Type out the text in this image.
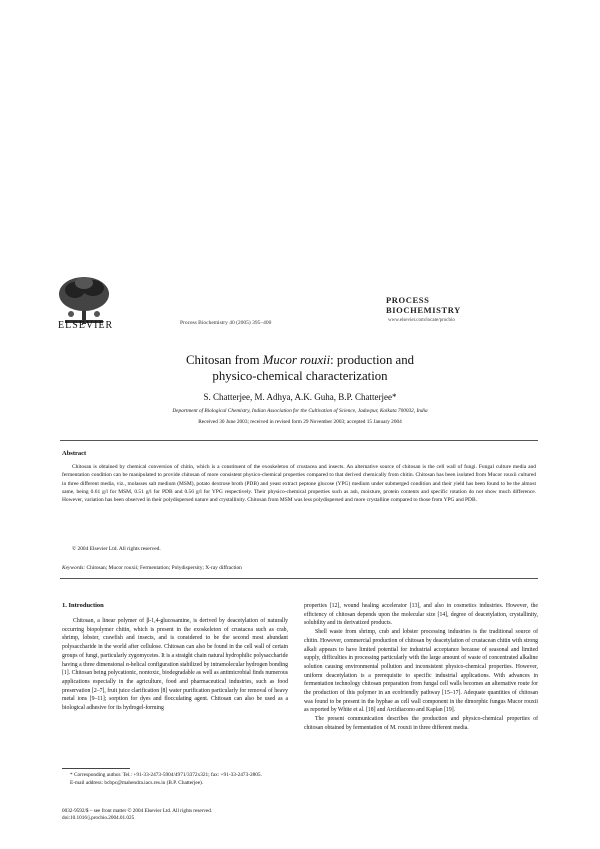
ELSEVIER	Process Biochemistry 40 (2005) 395–400
PROCESS
BIOCHEMISTRY
www.elsevier.com/locate/procbio
Chitosan from Mucor rouxii: production and
physico-chemical characterization
S. Chatterjee, M. Adhya, A.K. Guha, B.P. Chatterjee*
Department of Biological Chemistry, Indian Association for the Cultivation of Science, Jadavpur, Kolkata 700032, India
Received 30 June 2003; received in revised form 29 November 2003; accepted 15 January 2004
Abstract
Chitosan is obtained by chemical conversion of chitin, which is a constituent of the exoskeleton of crustacea and insects. An alternative source of chitosan is the cell wall of fungi. Fungal culture media and fermentation condition can be manipulated to provide chitosan of more consistent physico-chemical properties compared to that derived chemically from chitin. Chitosan has been isolated from Mucor rouxii cultured in three different media, viz., molasses salt medium (MSM), potato dextrose broth (PDB) and yeast extract peptone glucose (YPG) medium under submerged condition and their yield has been found to be the almost same, being 0.61 g/l for MSM, 0.51 g/l for PDB and 0.56 g/l for YPG respectively. Their physico-chemical properties such as ash, moisture, protein contents and specific rotation do not show much difference. However, variation has been observed in their polydispersed nature and crystallinity. Chitosan from MSM was less polydispersed and more crystalline compared to those from YPG and PDB.
© 2004 Elsevier Ltd. All rights reserved.
Keywords: Chitosan; Mucor rouxii; Fermentation; Polydispersity; X-ray diffraction
1. Introduction

Chitosan, a linear polymer of β-1,4-glucosamine, is derived by deacetylation of naturally occurring biopolymer chitin, which is present in the exoskeleton of crustacea such as crab, shrimp, lobster, crawfish and insects, and is considered to be the second most abundant polysaccharide in the world after cellulose. Chitosan can also be found in the cell wall of certain groups of fungi, particularly zygomycetes. It is a straight chain natural hydrophilic polysaccharide having a three dimensional α-helical configuration stabilized by intramolecular hydrogen bonding [1]. Chitosan being polycationic, nontoxic, biodegradable as well as antimicrobial finds numerous applications especially in the agriculture, food and pharmaceutical industries, such as food preservation [2–7], fruit juice clarification [8] water purification particularly for removal of heavy metal ions [9–11]; sorption for dyes and flocculating agent. Chitosan can also be used as a biological adhesive for its hydrogel-forming

properties [12], wound healing accelerator [13], and also in cosmetics industries. However, the efficiency of chitosan depends upon the molecular size [14], degree of deacetylation, crystallinity, solubility and its derivatized products.

Shell waste from shrimp, crab and lobster processing industries is the traditional source of chitin. However, commercial production of chitosan by deacetylation of crustacean chitin with strong alkali appears to have limited potential for industrial acceptance because of seasonal and limited supply, difficulties in processing particularly with the large amount of waste of concentrated alkaline solution causing environmental pollution and inconsistent physico-chemical properties. However, uniform deacetylation is a prerequisite to specific industrial applications. With advances in fermentation technology chitosan preparation from fungal cell walls becomes an alternative route for the production of this polymer in an ecofriendly pathway [15–17]. Adequate quantities of chitosan was found to be present in the hyphae as cell wall component in the dimorphic fungus Mucor rouxii as reported by White et al. [18] and Arcidiacono and Kaplan [19].

The present communication describes the production and physico-chemical properties of chitosan obtained by fermentation of M. rouxii in three different media.

* Corresponding author. Tel.: +91-33-2473-5904/4971/3372x321; fax: +91-33-2473-2805.
E-mail address: bcbpc@mahendra.iacs.res.in (B.P. Chatterjee).
0032-9592/$ – see front matter © 2004 Elsevier Ltd. All rights reserved.
doi:10.1016/j.procbio.2004.01.025
